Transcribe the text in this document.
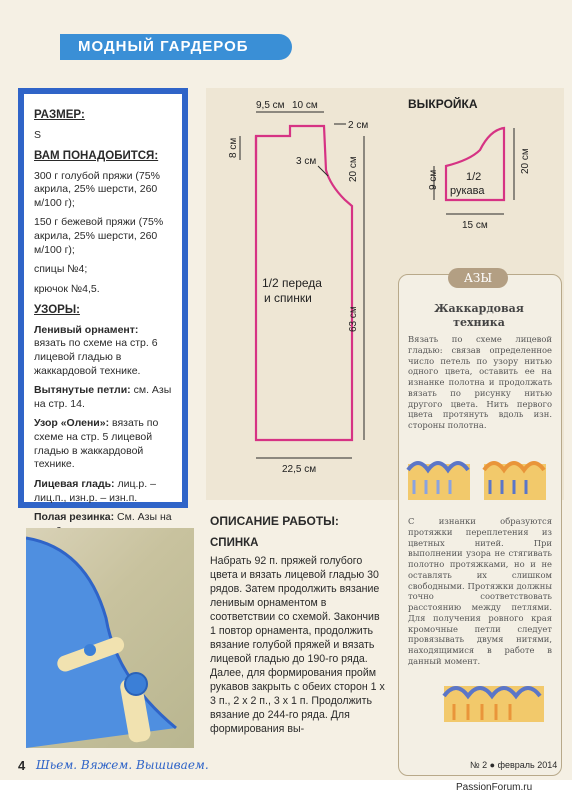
МОДНЫЙ ГАРДЕРОБ
РАЗМЕР:
S
ВАМ ПОНАДОБИТСЯ:
300 г голубой пряжи (75% акрила, 25% шерсти, 260 м/100 г);
150 г бежевой пряжи (75% акрила, 25% шерсти, 260 м/100 г);
спицы №4;
крючок №4,5.
УЗОРЫ:
Ленивый орнамент:
вязать по схеме на стр. 6 лицевой гладью в жаккардовой технике.
Вытянутые петли: см. Азы на стр. 14.
Узор «Олени»: вязать по схеме на стр. 5 лицевой гладью в жаккардовой технике.
Лицевая гладь: лиц.р. – лиц.п., изн.р. – изн.п.
Полая резинка: См. Азы на
9,5 см 10 см
2 см
8 см
3 см	20 см
63 см
22,5 см
1/2 переда
и спинки
ВЫКРОЙКА
1/2
рукава
9 см
20 см
15 см
АЗЫ
Жаккардовая техника
Вязать по схеме лицевой гладью: связав определенное число петель по узору нитью одного цвета, оставить ее на изнанке полотна и продолжать вязать по рисунку нитью другого цвета. Нить первого цвета протянуть вдоль изн. стороны полотна.
С изнанки образуются протяжки переплетения из цветных нитей. При выполнении узора не стягивать полотно протяжками, но и не оставлять их слишком свободными. Протяжки должны точно соответствовать расстоянию между петлями. Для получения ровного края кромочные петли следует провязывать двумя нитями, находящимися в работе в данный момент.
ОПИСАНИЕ РАБОТЫ:
СПИНКА
Набрать 92 п. пряжей голубого цвета и вязать лицевой гладью 30 рядов. Затем продолжить вязание ленивым орнаментом в соответствии со схемой. Закончив 1 повтор орнамента, продолжить вязание голубой пряжей и вязать лицевой гладью до 190-го ряда. Далее, для формирования пройм рукавов закрыть с обеих сторон 1 х 3 п., 2 х 2 п., 3 х 1 п. Продолжить вязание до 244-го ряда. Для формирования вы-
4 Шьем. Вяжем. Вышиваем.	№ 2 ● февраль 2014
PassionForum.ru
